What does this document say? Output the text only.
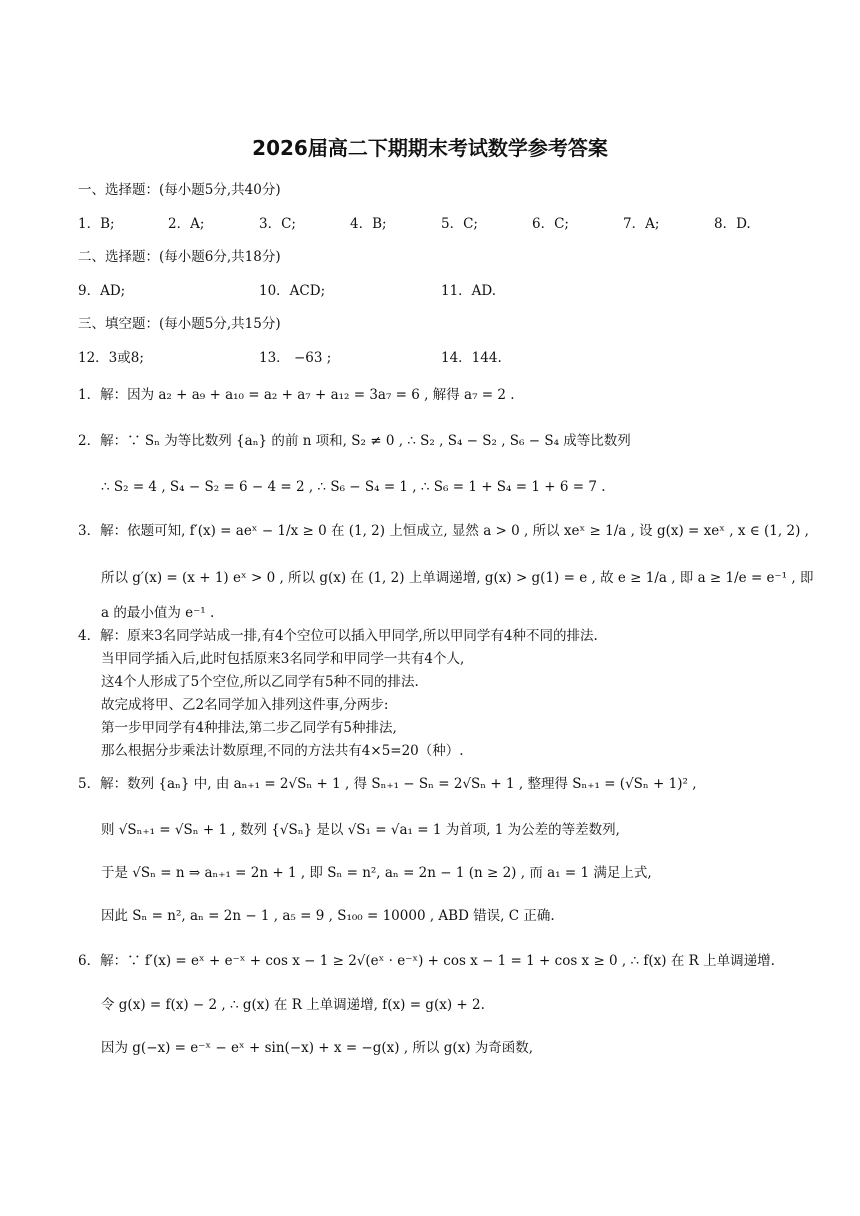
2026届高二下期期末考试数学参考答案
一、选择题：(每小题5分,共40分)
1．B;	2．A;	3．C;	4．B;	5．C;	6．C;	7．A;	8．D.
二、选择题：(每小题6分,共18分)
9．AD;	10．ACD;	11．AD.
三、填空题：(每小题5分,共15分)
12．3或8;	13． −63 ;	14．144.
1．解：因为 a₂ + a₉ + a₁₀ = a₂ + a₇ + a₁₂ = 3a₇ = 6 , 解得 a₇ = 2 .
2．解：∵ Sₙ 为等比数列 {aₙ} 的前 n 项和, S₂ ≠ 0 , ∴ S₂ , S₄ − S₂ , S₆ − S₄ 成等比数列
∴ S₂ = 4 , S₄ − S₂ = 6 − 4 = 2 , ∴ S₆ − S₄ = 1 , ∴ S₆ = 1 + S₄ = 1 + 6 = 7 .
3．解：依题可知, f′(x) = aeˣ − 1/x ≥ 0 在 (1, 2) 上恒成立, 显然 a > 0 , 所以 xeˣ ≥ 1/a , 设 g(x) = xeˣ , x ∈ (1, 2) ,
所以 g′(x) = (x + 1) eˣ > 0 , 所以 g(x) 在 (1, 2) 上单调递增, g(x) > g(1) = e , 故 e ≥ 1/a , 即 a ≥ 1/e = e⁻¹ , 即
a 的最小值为 e⁻¹ .
4．解：原来3名同学站成一排,有4个空位可以插入甲同学,所以甲同学有4种不同的排法.
当甲同学插入后,此时包括原来3名同学和甲同学一共有4个人,
这4个人形成了5个空位,所以乙同学有5种不同的排法.
故完成将甲、乙2名同学加入排列这件事,分两步:
第一步甲同学有4种排法,第二步乙同学有5种排法,
那么根据分步乘法计数原理,不同的方法共有4×5=20（种）.
5．解：数列 {aₙ} 中, 由 aₙ₊₁ = 2√Sₙ + 1 , 得 Sₙ₊₁ − Sₙ = 2√Sₙ + 1 , 整理得 Sₙ₊₁ = (√Sₙ + 1)² ,
则 √Sₙ₊₁ = √Sₙ + 1 , 数列 {√Sₙ} 是以 √S₁ = √a₁ = 1 为首项, 1 为公差的等差数列,
于是 √Sₙ = n ⇒ aₙ₊₁ = 2n + 1 , 即 Sₙ = n², aₙ = 2n − 1 (n ≥ 2) , 而 a₁ = 1 满足上式,
因此 Sₙ = n², aₙ = 2n − 1 , a₅ = 9 , S₁₀₀ = 10000 , ABD 错误, C 正确.
6．解：∵ f′(x) = eˣ + e⁻ˣ + cos x − 1 ≥ 2√(eˣ · e⁻ˣ) + cos x − 1 = 1 + cos x ≥ 0 , ∴ f(x) 在 R 上单调递增.
令 g(x) = f(x) − 2 , ∴ g(x) 在 R 上单调递增, f(x) = g(x) + 2.
因为 g(−x) = e⁻ˣ − eˣ + sin(−x) + x = −g(x) , 所以 g(x) 为奇函数,
